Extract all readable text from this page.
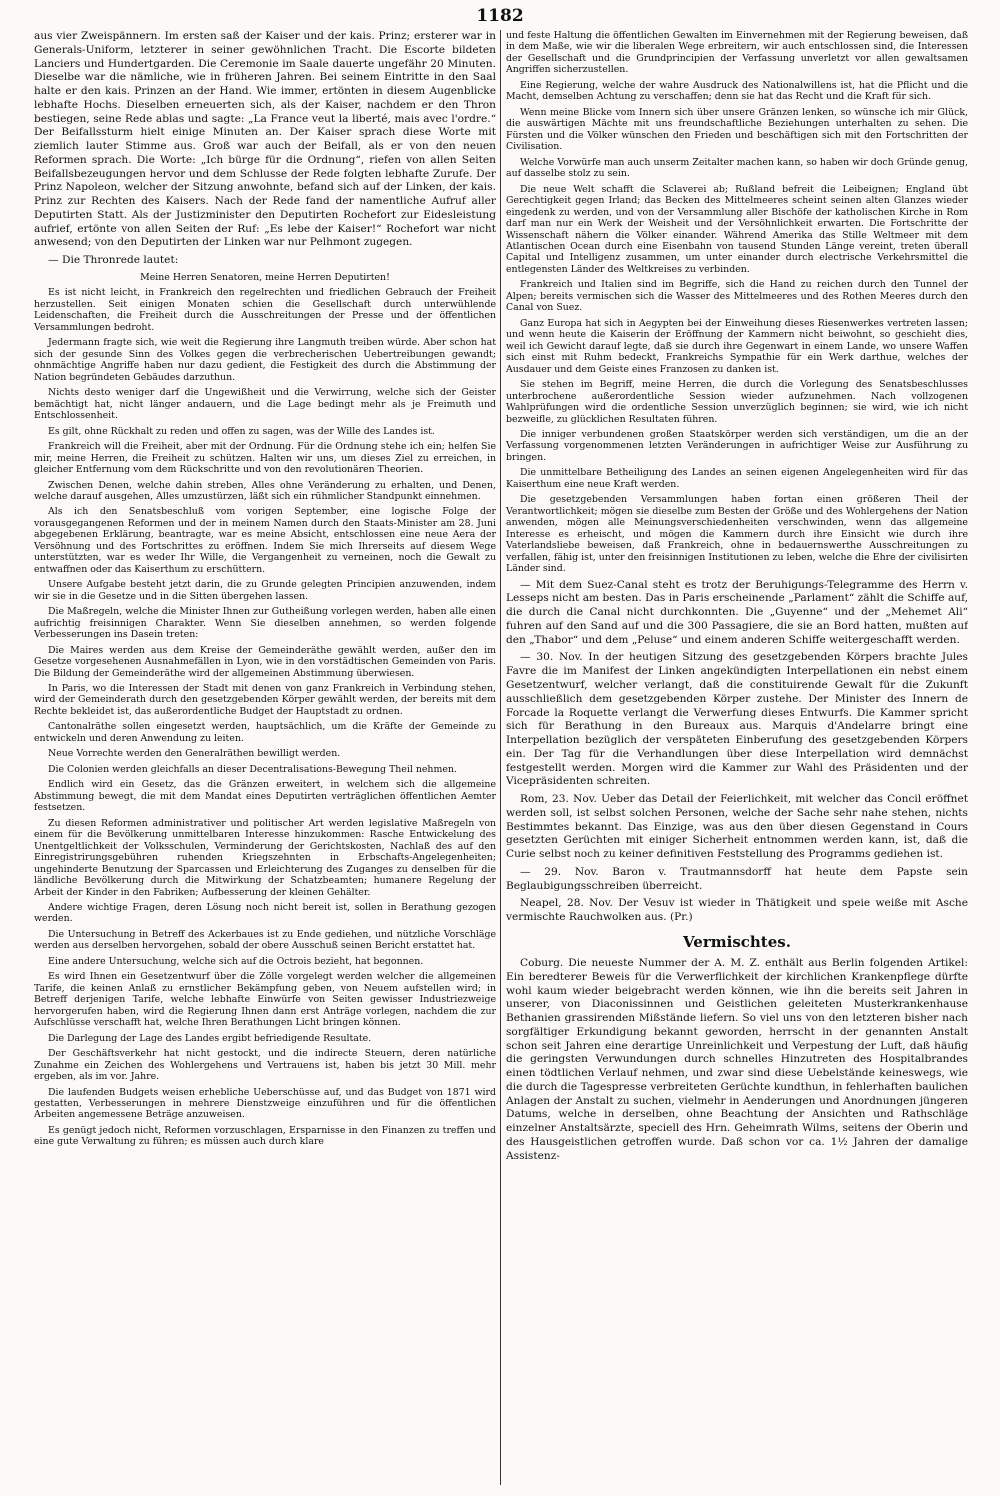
1182

aus vier Zweispännern. Im ersten saß der Kaiser und der kais. Prinz; ersterer war in Generals-Uniform, letzterer in seiner gewöhnlichen Tracht. Die Escorte bildeten Lanciers und Hundertgarden. Die Ceremonie im Saale dauerte ungefähr 20 Minuten. Dieselbe war die nämliche, wie in früheren Jahren. Bei seinem Eintritte in den Saal halte er den kais. Prinzen an der Hand. Wie immer, ertönten in diesem Augenblicke lebhafte Hochs. Dieselben erneuerten sich, als der Kaiser, nachdem er den Thron bestiegen, seine Rede ablas und sagte: „La France veut la liberté, mais avec l'ordre.“ Der Beifallssturm hielt einige Minuten an. Der Kaiser sprach diese Worte mit ziemlich lauter Stimme aus. Groß war auch der Beifall, als er von den neuen Reformen sprach. Die Worte: „Ich bürge für die Ordnung“, riefen von allen Seiten Beifallsbezeugungen hervor und dem Schlusse der Rede folgten lebhafte Zurufe. Der Prinz Napoleon, welcher der Sitzung anwohnte, befand sich auf der Linken, der kais. Prinz zur Rechten des Kaisers. Nach der Rede fand der namentliche Aufruf aller Deputirten Statt. Als der Justizminister den Deputirten Rochefort zur Eidesleistung aufrief, ertönte von allen Seiten der Ruf: „Es lebe der Kaiser!“ Rochefort war nicht anwesend; von den Deputirten der Linken war nur Pelhmont zugegen.

— Die Thronrede lautet:

Meine Herren Senatoren, meine Herren Deputirten!

Es ist nicht leicht, in Frankreich den regelrechten und friedlichen Gebrauch der Freiheit herzustellen. Seit einigen Monaten schien die Gesellschaft durch unterwühlende Leidenschaften, die Freiheit durch die Ausschreitungen der Presse und der öffentlichen Versammlungen bedroht.

Jedermann fragte sich, wie weit die Regierung ihre Langmuth treiben würde. Aber schon hat sich der gesunde Sinn des Volkes gegen die verbrecherischen Uebertreibungen gewandt; ohnmächtige Angriffe haben nur dazu gedient, die Festigkeit des durch die Abstimmung der Nation begründeten Gebäudes darzuthun.

Nichts desto weniger darf die Ungewißheit und die Verwirrung, welche sich der Geister bemächtigt hat, nicht länger andauern, und die Lage bedingt mehr als je Freimuth und Entschlossenheit.

Es gilt, ohne Rückhalt zu reden und offen zu sagen, was der Wille des Landes ist.

Frankreich will die Freiheit, aber mit der Ordnung. Für die Ordnung stehe ich ein; helfen Sie mir, meine Herren, die Freiheit zu schützen. Halten wir uns, um dieses Ziel zu erreichen, in gleicher Entfernung vom dem Rückschritte und von den revolutionären Theorien.

Zwischen Denen, welche dahin streben, Alles ohne Veränderung zu erhalten, und Denen, welche darauf ausgehen, Alles umzustürzen, läßt sich ein rühmlicher Standpunkt einnehmen.

Als ich den Senatsbeschluß vom vorigen September, eine logische Folge der vorausgegangenen Reformen und der in meinem Namen durch den Staats-Minister am 28. Juni abgegebenen Erklärung, beantragte, war es meine Absicht, entschlossen eine neue Aera der Versöhnung und des Fortschrittes zu eröffnen. Indem Sie mich Ihrerseits auf diesem Wege unterstützten, war es weder Ihr Wille, die Vergangenheit zu verneinen, noch die Gewalt zu entwaffnen oder das Kaiserthum zu erschüttern.

Unsere Aufgabe besteht jetzt darin, die zu Grunde gelegten Principien anzuwenden, indem wir sie in die Gesetze und in die Sitten übergehen lassen.

Die Maßregeln, welche die Minister Ihnen zur Gutheißung vorlegen werden, haben alle einen aufrichtig freisinnigen Charakter. Wenn Sie dieselben annehmen, so werden folgende Verbesserungen ins Dasein treten:

Die Maires werden aus dem Kreise der Gemeinderäthe gewählt werden, außer den im Gesetze vorgesehenen Ausnahmefällen in Lyon, wie in den vorstädtischen Gemeinden von Paris. Die Bildung der Gemeinderäthe wird der allgemeinen Abstimmung überwiesen.

In Paris, wo die Interessen der Stadt mit denen von ganz Frankreich in Verbindung stehen, wird der Gemeinderath durch den gesetzgebenden Körper gewählt werden, der bereits mit dem Rechte bekleidet ist, das außerordentliche Budget der Hauptstadt zu ordnen.

Cantonalräthe sollen eingesetzt werden, hauptsächlich, um die Kräfte der Gemeinde zu entwickeln und deren Anwendung zu leiten.

Neue Vorrechte werden den Generalräthen bewilligt werden.

Die Colonien werden gleichfalls an dieser Decentralisations-Bewegung Theil nehmen.

Endlich wird ein Gesetz, das die Gränzen erweitert, in welchem sich die allgemeine Abstimmung bewegt, die mit dem Mandat eines Deputirten verträglichen öffentlichen Aemter festsetzen.

Zu diesen Reformen administrativer und politischer Art werden legislative Maßregeln von einem für die Bevölkerung unmittelbaren Interesse hinzukommen: Rasche Entwickelung des Unentgeltlichkeit der Volksschulen, Verminderung der Gerichtskosten, Nachlaß des auf den Einregistrirungsgebühren ruhenden Kriegszehnten in Erbschafts-Angelegenheiten; ungehinderte Benutzung der Sparcassen und Erleichterung des Zuganges zu denselben für die ländliche Bevölkerung durch die Mitwirkung der Schatzbeamten; humanere Regelung der Arbeit der Kinder in den Fabriken; Aufbesserung der kleinen Gehälter.

Andere wichtige Fragen, deren Lösung noch nicht bereit ist, sollen in Berathung gezogen werden.

Die Untersuchung in Betreff des Ackerbaues ist zu Ende gediehen, und nützliche Vorschläge werden aus derselben hervorgehen, sobald der obere Ausschuß seinen Bericht erstattet hat.

Eine andere Untersuchung, welche sich auf die Octrois bezieht, hat begonnen.

Es wird Ihnen ein Gesetzentwurf über die Zölle vorgelegt werden welcher die allgemeinen Tarife, die keinen Anlaß zu ernstlicher Bekämpfung geben, von Neuem aufstellen wird; in Betreff derjenigen Tarife, welche lebhafte Einwürfe von Seiten gewisser Industriezweige hervorgerufen haben, wird die Regierung Ihnen dann erst Anträge vorlegen, nachdem die zur Aufschlüsse verschafft hat, welche Ihren Berathungen Licht bringen können.

Die Darlegung der Lage des Landes ergibt befriedigende Resultate.

Der Geschäftsverkehr hat nicht gestockt, und die indirecte Steuern, deren natürliche Zunahme ein Zeichen des Wohlergehens und Vertrauens ist, haben bis jetzt 30 Mill. mehr ergeben, als im vor. Jahre.

Die laufenden Budgets weisen erhebliche Ueberschüsse auf, und das Budget von 1871 wird gestatten, Verbesserungen in mehrere Dienstzweige einzuführen und für die öffentlichen Arbeiten angemessene Beträge anzuweisen.

Es genügt jedoch nicht, Reformen vorzuschlagen, Ersparnisse in den Finanzen zu treffen und eine gute Verwaltung zu führen; es müssen auch durch klare

und feste Haltung die öffentlichen Gewalten im Einvernehmen mit der Regierung beweisen, daß in dem Maße, wie wir die liberalen Wege erbreitern, wir auch entschlossen sind, die Interessen der Gesellschaft und die Grundprincipien der Verfassung unverletzt vor allen gewaltsamen Angriffen sicherzustellen.

Eine Regierung, welche der wahre Ausdruck des Nationalwillens ist, hat die Pflicht und die Macht, demselben Achtung zu verschaffen; denn sie hat das Recht und die Kraft für sich.

Wenn meine Blicke vom Innern sich über unsere Gränzen lenken, so wünsche ich mir Glück, die auswärtigen Mächte mit uns freundschaftliche Beziehungen unterhalten zu sehen. Die Fürsten und die Völker wünschen den Frieden und beschäftigen sich mit den Fortschritten der Civilisation.

Welche Vorwürfe man auch unserm Zeitalter machen kann, so haben wir doch Gründe genug, auf dasselbe stolz zu sein.

Die neue Welt schafft die Sclaverei ab; Rußland befreit die Leibeignen; England übt Gerechtigkeit gegen Irland; das Becken des Mittelmeeres scheint seinen alten Glanzes wieder eingedenk zu werden, und von der Versammlung aller Bischöfe der katholischen Kirche in Rom darf man nur ein Werk der Weisheit und der Versöhnlichkeit erwarten. Die Fortschritte der Wissenschaft nähern die Völker einander. Während Amerika das Stille Weltmeer mit dem Atlantischen Ocean durch eine Eisenbahn von tausend Stunden Länge vereint, treten überall Capital und Intelligenz zusammen, um unter einander durch electrische Verkehrsmittel die entlegensten Länder des Weltkreises zu verbinden.

Frankreich und Italien sind im Begriffe, sich die Hand zu reichen durch den Tunnel der Alpen; bereits vermischen sich die Wasser des Mittelmeeres und des Rothen Meeres durch den Canal von Suez.

Ganz Europa hat sich in Aegypten bei der Einweihung dieses Riesenwerkes vertreten lassen; und wenn heute die Kaiserin der Eröffnung der Kammern nicht beiwohnt, so geschieht dies, weil ich Gewicht darauf legte, daß sie durch ihre Gegenwart in einem Lande, wo unsere Waffen sich einst mit Ruhm bedeckt, Frankreichs Sympathie für ein Werk darthue, welches der Ausdauer und dem Geiste eines Franzosen zu danken ist.

Sie stehen im Begriff, meine Herren, die durch die Vorlegung des Senatsbeschlusses unterbrochene außerordentliche Session wieder aufzunehmen. Nach vollzogenen Wahlprüfungen wird die ordentliche Session unverzüglich beginnen; sie wird, wie ich nicht bezweifle, zu glücklichen Resultaten führen.

Die inniger verbundenen großen Staatskörper werden sich verständigen, um die an der Verfassung vorgenommenen letzten Veränderungen in aufrichtiger Weise zur Ausführung zu bringen.

Die unmittelbare Betheiligung des Landes an seinen eigenen Angelegenheiten wird für das Kaiserthum eine neue Kraft werden.

Die gesetzgebenden Versammlungen haben fortan einen größeren Theil der Verantwortlichkeit; mögen sie dieselbe zum Besten der Größe und des Wohlergehens der Nation anwenden, mögen alle Meinungsverschiedenheiten verschwinden, wenn das allgemeine Interesse es erheischt, und mögen die Kammern durch ihre Einsicht wie durch ihre Vaterlandsliebe beweisen, daß Frankreich, ohne in bedauernswerthe Ausschreitungen zu verfallen, fähig ist, unter den freisinnigen Institutionen zu leben, welche die Ehre der civilisirten Länder sind.

— Mit dem Suez-Canal steht es trotz der Beruhigungs-Telegramme des Herrn v. Lesseps nicht am besten. Das in Paris erscheinende „Parlament“ zählt die Schiffe auf, die durch die Canal nicht durchkonnten. Die „Guyenne“ und der „Mehemet Ali“ fuhren auf den Sand auf und die 300 Passagiere, die sie an Bord hatten, mußten auf den „Thabor“ und dem „Peluse“ und einem anderen Schiffe weitergeschafft werden.

— 30. Nov. In der heutigen Sitzung des gesetzgebenden Körpers brachte Jules Favre die im Manifest der Linken angekündigten Interpellationen ein nebst einem Gesetzentwurf, welcher verlangt, daß die constituirende Gewalt für die Zukunft ausschließlich dem gesetzgebenden Körper zustehe. Der Minister des Innern de Forcade la Roquette verlangt die Verwerfung dieses Entwurfs. Die Kammer spricht sich für Berathung in den Bureaux aus. Marquis d'Andelarre bringt eine Interpellation bezüglich der verspäteten Einberufung des gesetzgebenden Körpers ein. Der Tag für die Verhandlungen über diese Interpellation wird demnächst festgestellt werden. Morgen wird die Kammer zur Wahl des Präsidenten und der Vicepräsidenten schreiten.

Rom, 23. Nov. Ueber das Detail der Feierlichkeit, mit welcher das Concil eröffnet werden soll, ist selbst solchen Personen, welche der Sache sehr nahe stehen, nichts Bestimmtes bekannt. Das Einzige, was aus den über diesen Gegenstand in Cours gesetzten Gerüchten mit einiger Sicherheit entnommen werden kann, ist, daß die Curie selbst noch zu keiner definitiven Feststellung des Programms gediehen ist.

— 29. Nov. Baron v. Trautmannsdorff hat heute dem Papste sein Beglaubigungsschreiben überreicht.

Neapel, 28. Nov. Der Vesuv ist wieder in Thätigkeit und speie weiße mit Asche vermischte Rauchwolken aus. (Pr.)

Vermischtes.

Coburg. Die neueste Nummer der A. M. Z. enthält aus Berlin folgenden Artikel: Ein beredterer Beweis für die Verwerflichkeit der kirchlichen Krankenpflege dürfte wohl kaum wieder beigebracht werden können, wie ihn die bereits seit Jahren in unserer, von Diaconissinnen und Geistlichen geleiteten Musterkrankenhause Bethanien grassirenden Mißstände liefern. So viel uns von den letzteren bisher nach sorgfältiger Erkundigung bekannt geworden, herrscht in der genannten Anstalt schon seit Jahren eine derartige Unreinlichkeit und Verpestung der Luft, daß häufig die geringsten Verwundungen durch schnelles Hinzutreten des Hospitalbrandes einen tödtlichen Verlauf nehmen, und zwar sind diese Uebelstände keineswegs, wie die durch die Tagespresse verbreiteten Gerüchte kundthun, in fehlerhaften baulichen Anlagen der Anstalt zu suchen, vielmehr in Aenderungen und Anordnungen jüngeren Datums, welche in derselben, ohne Beachtung der Ansichten und Rathschläge einzelner Anstaltsärzte, speciell des Hrn. Geheimrath Wilms, seitens der Oberin und des Hausgeistlichen getroffen wurde. Daß schon vor ca. 1½ Jahren der damalige Assistenz-
